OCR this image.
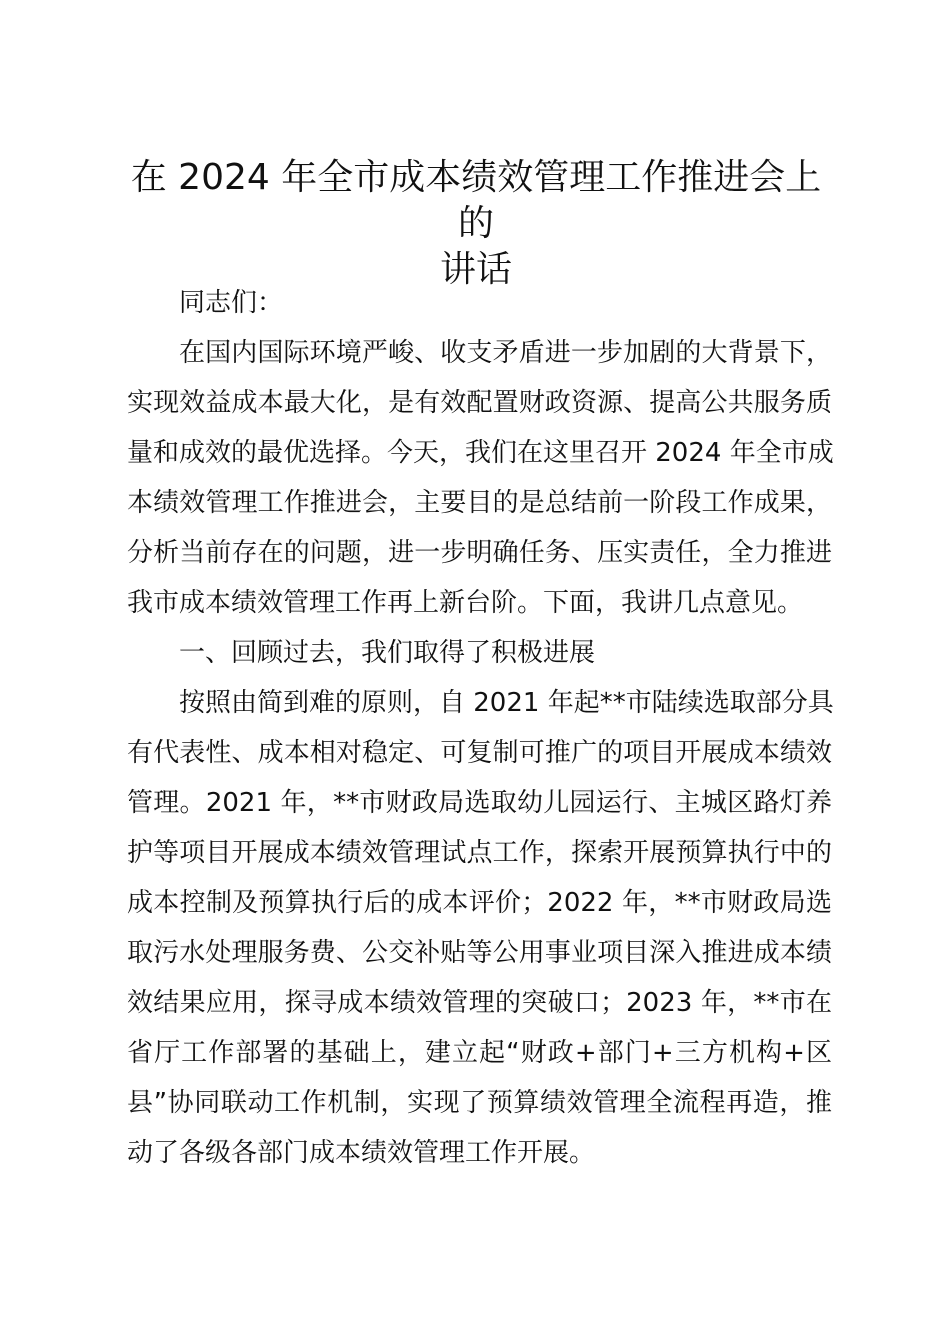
在 2024 年全市成本绩效管理工作推进会上的
讲话
同志们：
在国内国际环境严峻、收支矛盾进一步加剧的大背景下，
实现效益成本最大化，是有效配置财政资源、提高公共服务质
量和成效的最优选择。今天，我们在这里召开 2024 年全市成
本绩效管理工作推进会，主要目的是总结前一阶段工作成果，
分析当前存在的问题，进一步明确任务、压实责任，全力推进
我市成本绩效管理工作再上新台阶。下面，我讲几点意见。
一、回顾过去，我们取得了积极进展
按照由简到难的原则，自 2021 年起**市陆续选取部分具
有代表性、成本相对稳定、可复制可推广的项目开展成本绩效
管理。2021 年，**市财政局选取幼儿园运行、主城区路灯养
护等项目开展成本绩效管理试点工作，探索开展预算执行中的
成本控制及预算执行后的成本评价；2022 年，**市财政局选
取污水处理服务费、公交补贴等公用事业项目深入推进成本绩
效结果应用，探寻成本绩效管理的突破口；2023 年，**市在
省厅工作部署的基础上，建立起“财政+部门+三方机构+区
县”协同联动工作机制，实现了预算绩效管理全流程再造，推
动了各级各部门成本绩效管理工作开展。
